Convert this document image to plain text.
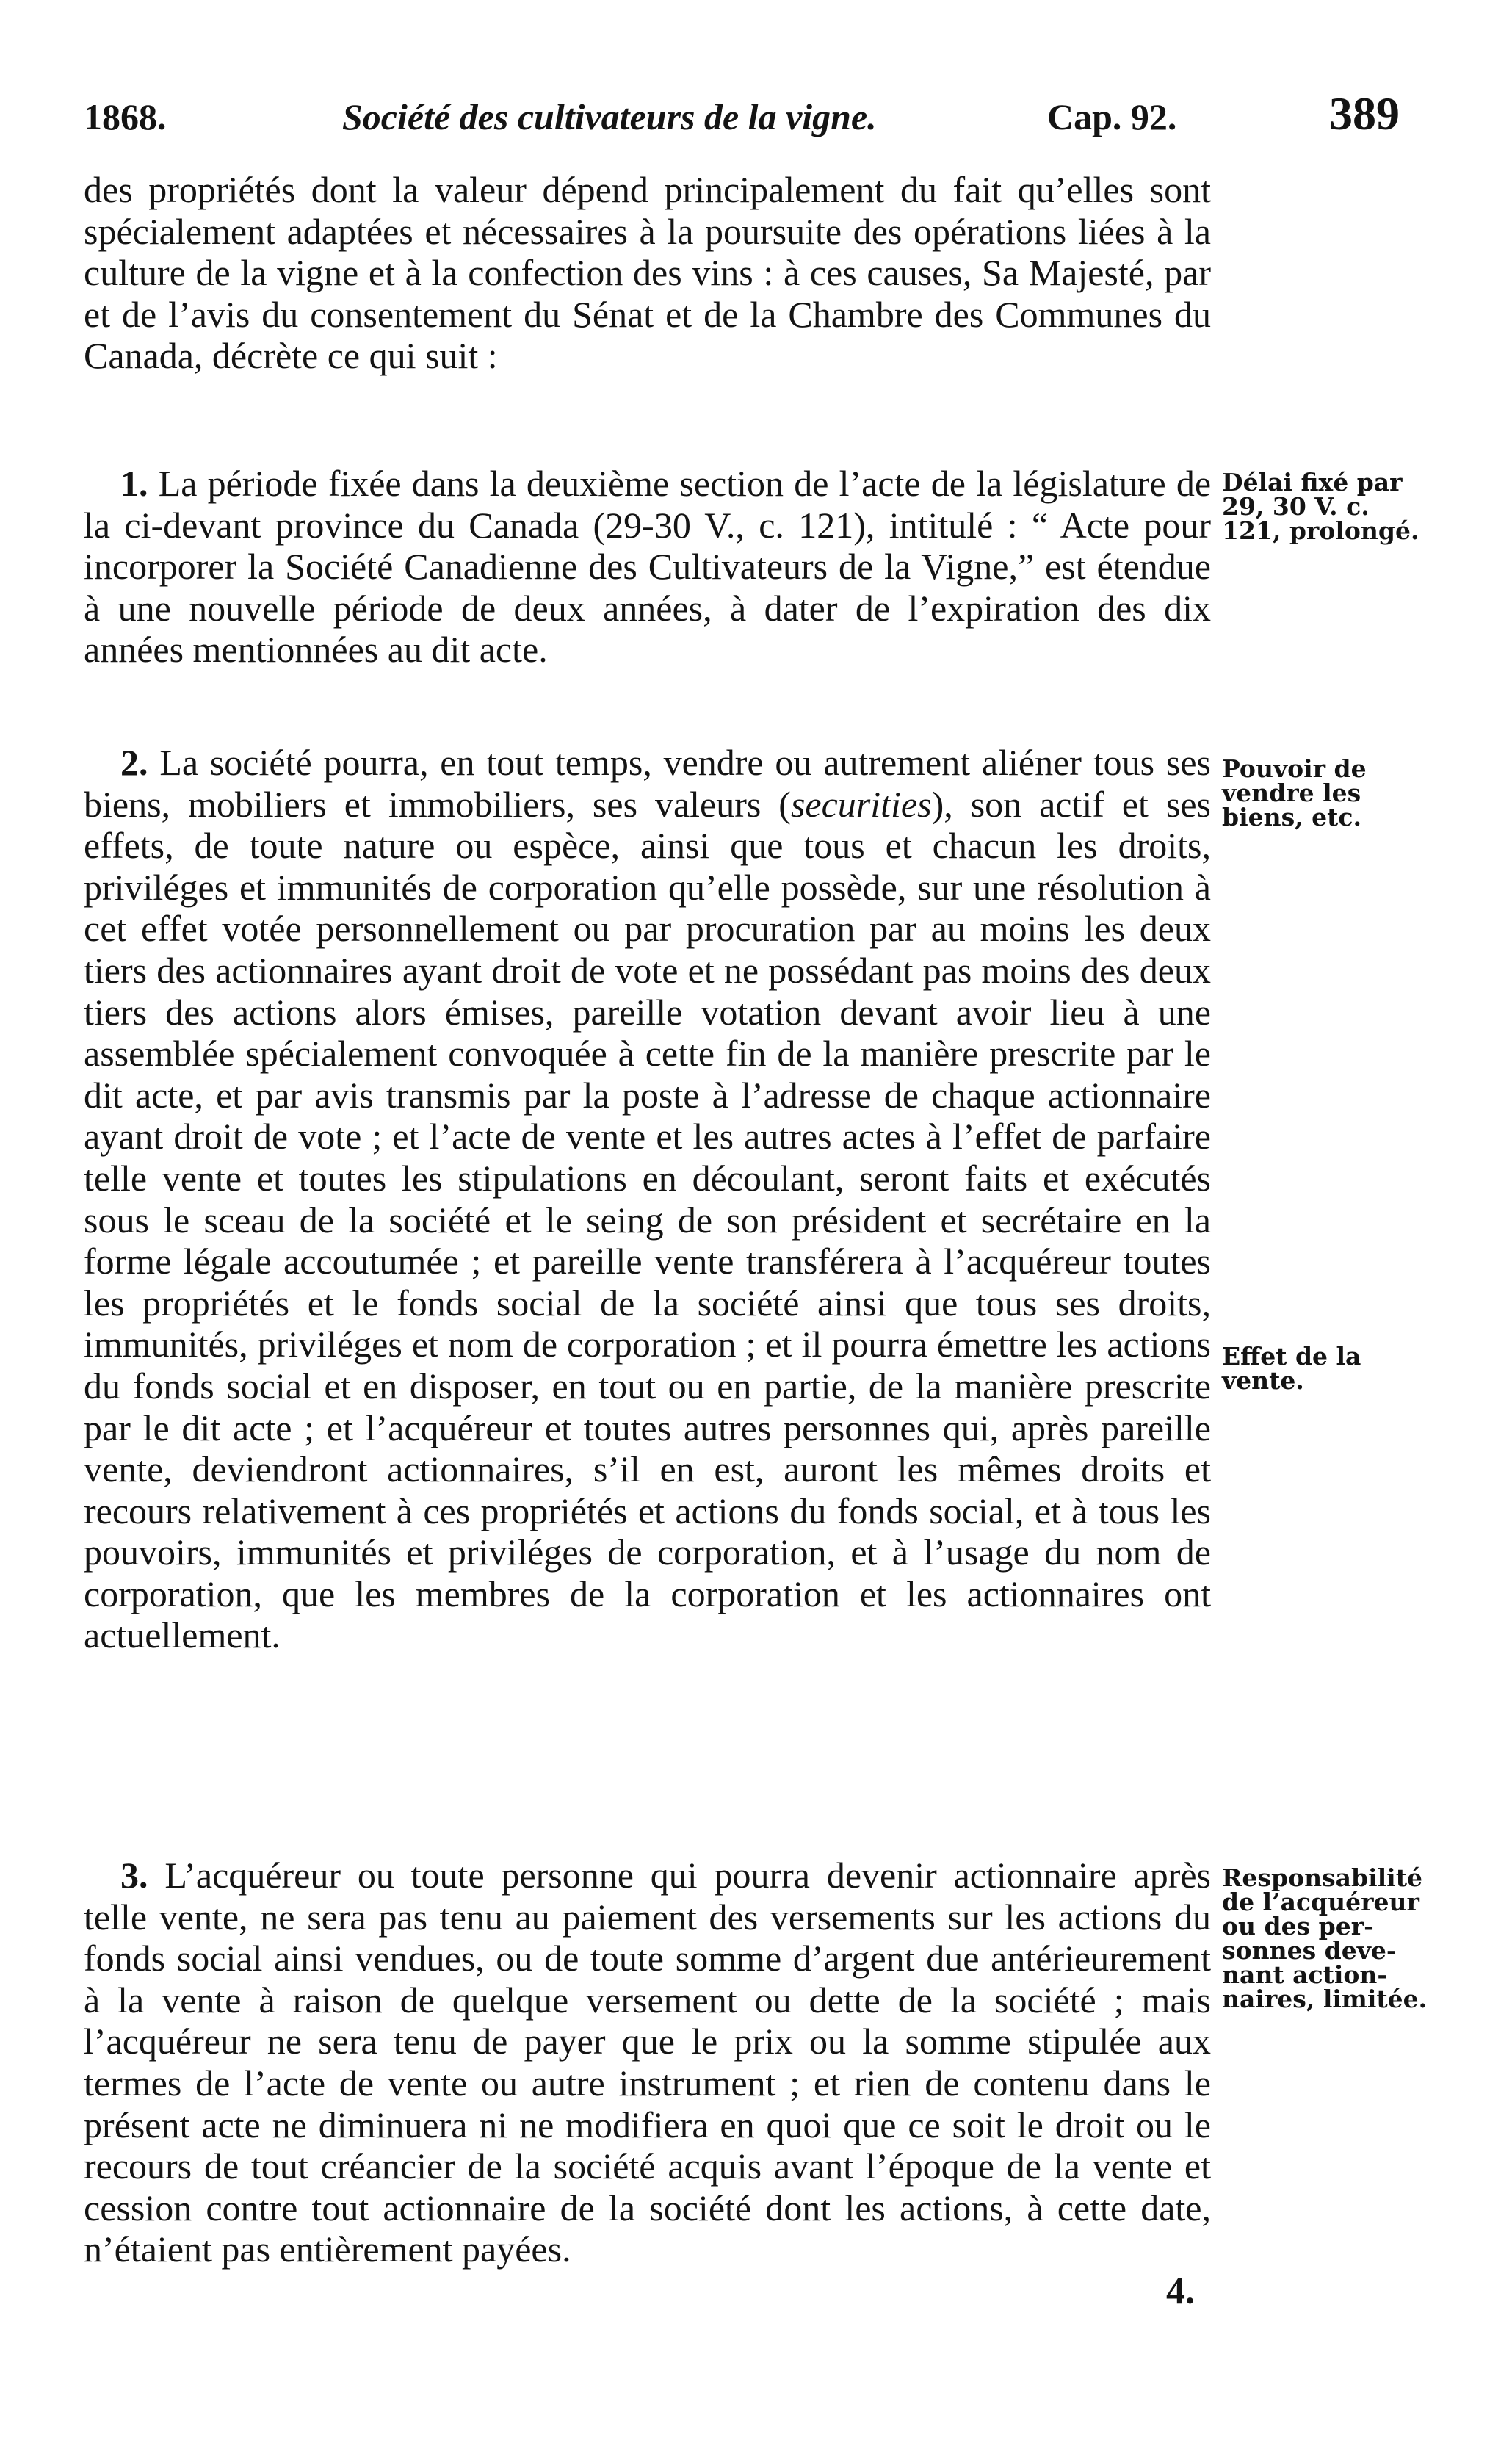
1868.	Société des cultivateurs de la vigne.	Cap. 92.	389

des propriétés dont la valeur dépend principalement du fait qu’elles sont spécialement adaptées et nécessaires à la poursuite des opérations liées à la culture de la vigne et à la confection des vins : à ces causes, Sa Majesté, par et de l’avis du consentement du Sénat et de la Chambre des Communes du Canada, décrète ce qui suit :

1. La période fixée dans la deuxième section de l’acte de la législature de la ci-devant province du Canada (29-30 V., c. 121), intitulé : “ Acte pour incorporer la Société Canadienne des Cultivateurs de la Vigne,” est étendue à une nouvelle période de deux années, à dater de l’expiration des dix années mentionnées au dit acte.

2. La société pourra, en tout temps, vendre ou autrement aliéner tous ses biens, mobiliers et immobiliers, ses valeurs (securities), son actif et ses effets, de toute nature ou espèce, ainsi que tous et chacun les droits, priviléges et immunités de corporation qu’elle possède, sur une résolution à cet effet votée personnellement ou par procuration par au moins les deux tiers des actionnaires ayant droit de vote et ne possédant pas moins des deux tiers des actions alors émises, pareille votation devant avoir lieu à une assemblée spécialement convoquée à cette fin de la manière prescrite par le dit acte, et par avis transmis par la poste à l’adresse de chaque actionnaire ayant droit de vote ; et l’acte de vente et les autres actes à l’effet de parfaire telle vente et toutes les stipulations en découlant, seront faits et exécutés sous le sceau de la société et le seing de son président et secrétaire en la forme légale accoutumée ; et pareille vente transférera à l’acquéreur toutes les propriétés et le fonds social de la société ainsi que tous ses droits, immunités, priviléges et nom de corporation ; et il pourra émettre les actions du fonds social et en disposer, en tout ou en partie, de la manière prescrite par le dit acte ; et l’acquéreur et toutes autres personnes qui, après pareille vente, deviendront actionnaires, s’il en est, auront les mêmes droits et recours relativement à ces propriétés et actions du fonds social, et à tous les pouvoirs, immunités et priviléges de corporation, et à l’usage du nom de corporation, que les membres de la corporation et les actionnaires ont actuellement.

3. L’acquéreur ou toute personne qui pourra devenir actionnaire après telle vente, ne sera pas tenu au paiement des versements sur les actions du fonds social ainsi vendues, ou de toute somme d’argent due antérieurement à la vente à raison de quelque versement ou dette de la société ; mais l’acquéreur ne sera tenu de payer que le prix ou la somme stipulée aux termes de l’acte de vente ou autre instrument ; et rien de contenu dans le présent acte ne diminuera ni ne modifiera en quoi que ce soit le droit ou le recours de tout créancier de la société acquis avant l’époque de la vente et cession contre tout actionnaire de la société dont les actions, à cette date, n’étaient pas entièrement payées.

Délai fixé par
29, 30 V. c.
121, prolongé.
Pouvoir de
vendre les
biens, etc.
Effet de la
vente.
Responsabilité
de l’acquéreur
ou des per-
sonnes deve-
nant action-
naires, limitée.
4.
